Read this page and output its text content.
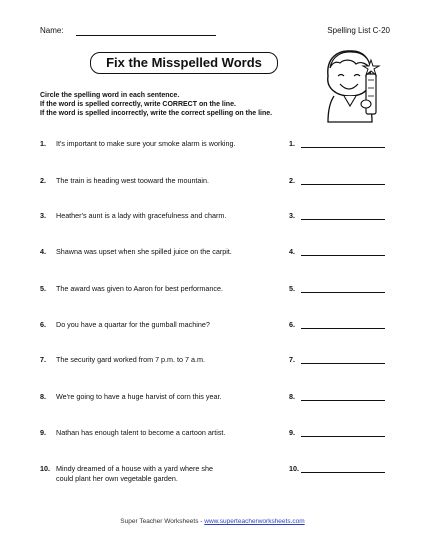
Name:	Spelling List C-20
Fix the Misspelled Words
Circle the spelling word in each sentence.
If the word is spelled correctly, write CORRECT on the line.
If the word is spelled incorrectly, write the correct spelling on the line.
1. It's important to make sure your smoke alarm is working.	1.
2. The train is heading west tooward the mountain.	2.
3. Heather's aunt is a lady with gracefulness and charm.	3.
4. Shawna was upset when she spilled juice on the carpit.	4.
5. The award was given to Aaron for best performance.	5.
6. Do you have a quartar for the gumball machine?	6.
7. The security gard worked from 7 p.m. to 7 a.m.	7.
8. We're going to have a huge harvist of corn this year.	8.
9. Nathan has enough talent to become a cartoon artist.	9.
10. Mindy dreamed of a house with a yard where she
could plant her own vegetable garden.
10.
Super Teacher Worksheets - www.superteacherworksheets.com
